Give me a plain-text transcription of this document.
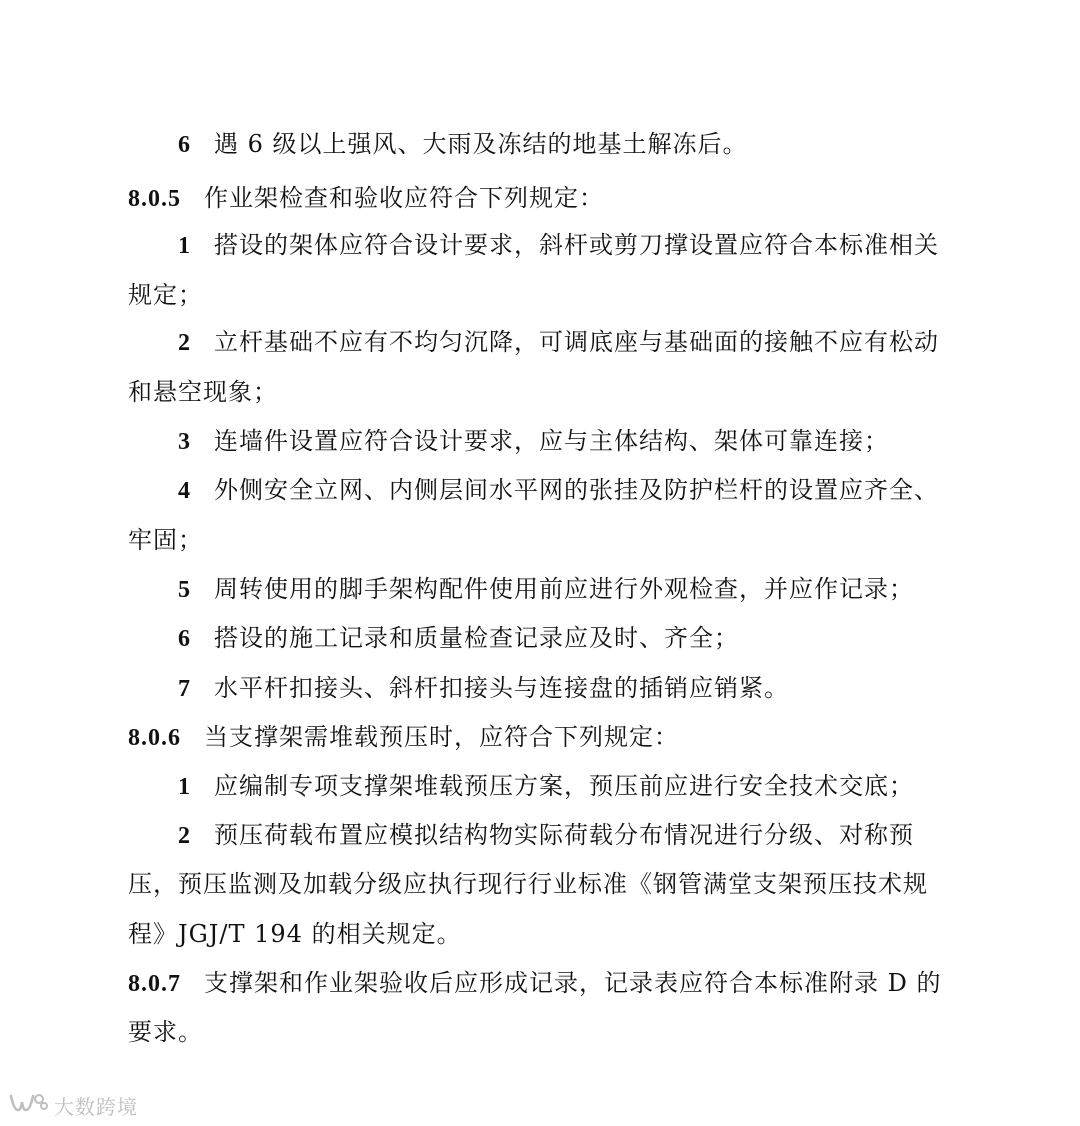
6 遇 6 级以上强风、大雨及冻结的地基土解冻后。
8.0.5 作业架检查和验收应符合下列规定：
1 搭设的架体应符合设计要求，斜杆或剪刀撑设置应符合本标准相关
规定；
2 立杆基础不应有不均匀沉降，可调底座与基础面的接触不应有松动
和悬空现象；
3 连墙件设置应符合设计要求，应与主体结构、架体可靠连接；
4 外侧安全立网、内侧层间水平网的张挂及防护栏杆的设置应齐全、
牢固；
5 周转使用的脚手架构配件使用前应进行外观检查，并应作记录；
6 搭设的施工记录和质量检查记录应及时、齐全；
7 水平杆扣接头、斜杆扣接头与连接盘的插销应销紧。
8.0.6 当支撑架需堆载预压时，应符合下列规定：
1 应编制专项支撑架堆载预压方案，预压前应进行安全技术交底；
2 预压荷载布置应模拟结构物实际荷载分布情况进行分级、对称预
压，预压监测及加载分级应执行现行行业标准《钢管满堂支架预压技术规
程》JGJ/T 194 的相关规定。
8.0.7 支撑架和作业架验收后应形成记录，记录表应符合本标准附录 D 的
要求。
大数跨境
